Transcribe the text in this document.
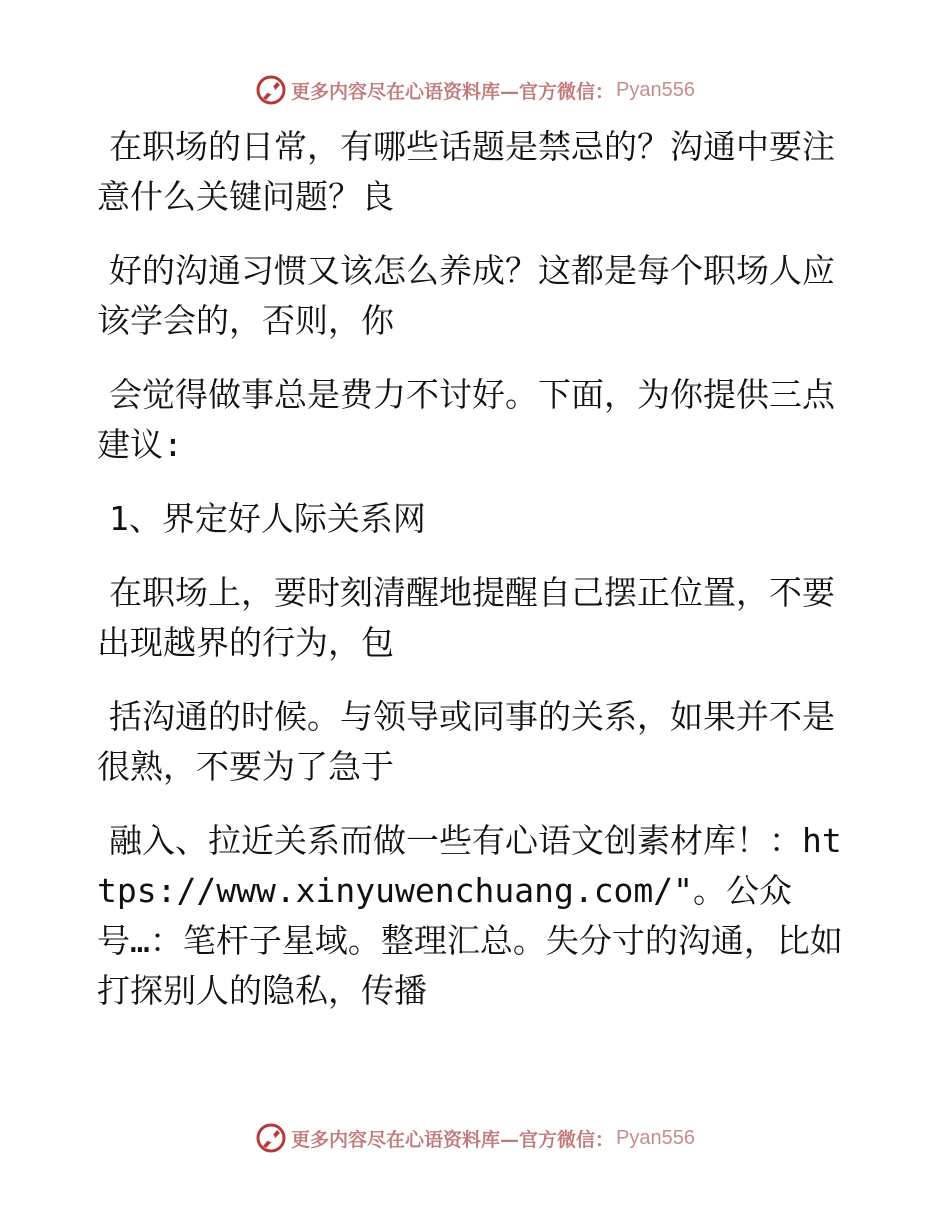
更多内容尽在心语资料库—官方微信： Pyan556

在职场的日常，有哪些话题是禁忌的？沟通中要注意什么关键问题？良

好的沟通习惯又该怎么养成？这都是每个职场人应该学会的，否则，你

会觉得做事总是费力不讨好。下面，为你提供三点建议:

1、界定好人际关系网

在职场上，要时刻清醒地提醒自己摆正位置，不要出现越界的行为，包

括沟通的时候。与领导或同事的关系，如果并不是很熟，不要为了急于

融入、拉近关系而做一些有心语文创素材库！：https://www.xinyuwenchuang.com/"。公众号…：笔杆子星域。整理汇总。失分寸的沟通，比如打探别人的隐私，传播

更多内容尽在心语资料库—官方微信： Pyan556
